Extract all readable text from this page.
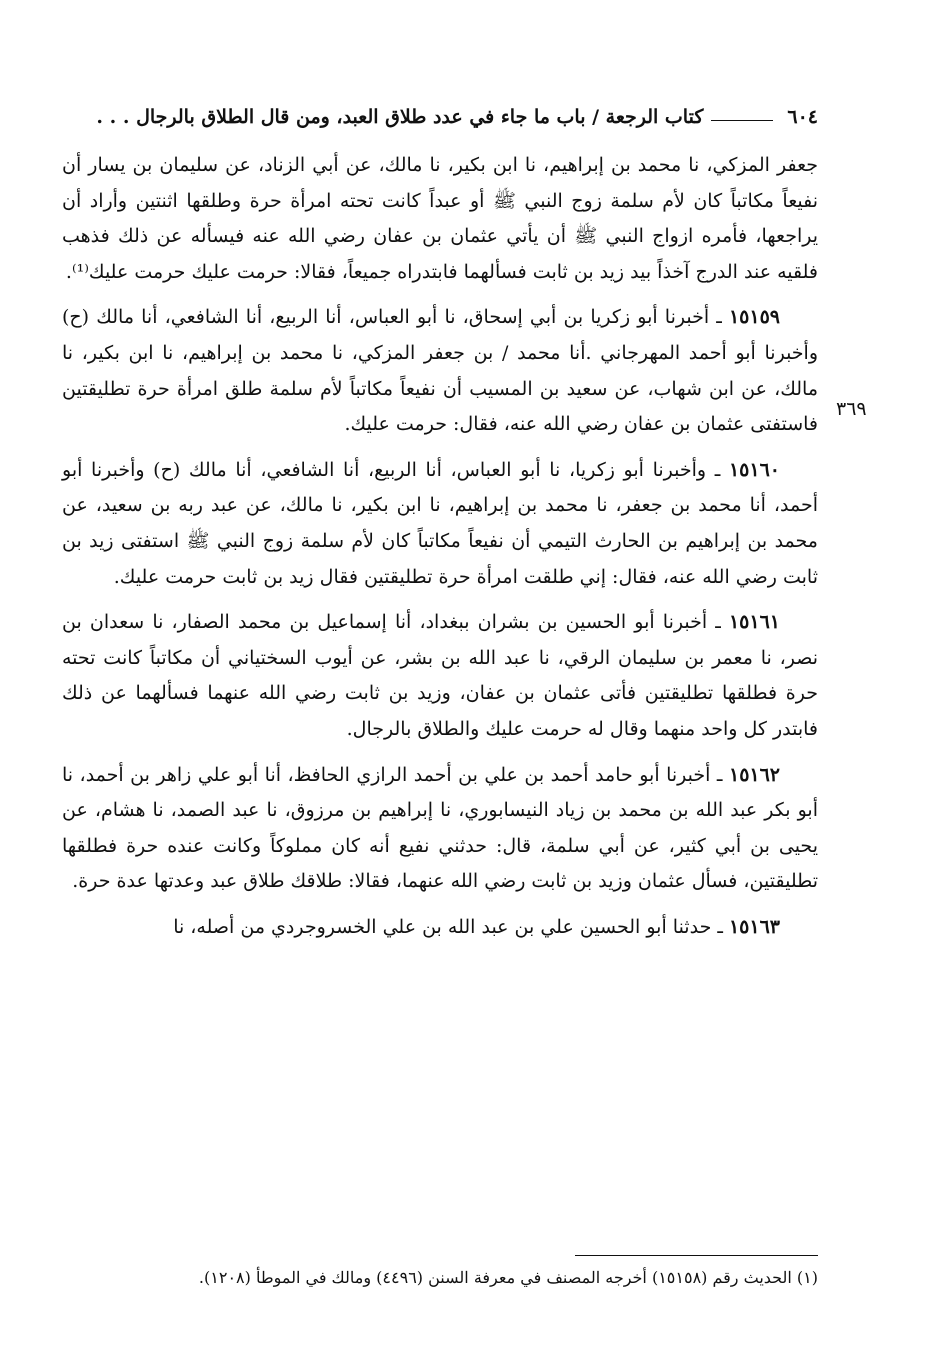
٦٠٤
كتاب الرجعة / باب ما جاء في عدد طلاق العبد، ومن قال الطلاق بالرجال . . .
٣٦٩

جعفر المزكي، نا محمد بن إبراهيم، نا ابن بكير، نا مالك، عن أبي الزناد، عن سليمان بن يسار أن نفيعاً مكاتباً كان لأم سلمة زوج النبي ﷺ أو عبداً كانت تحته امرأة حرة وطلقها اثنتين وأراد أن يراجعها، فأمره ازواج النبي ﷺ أن يأتي عثمان بن عفان رضي الله عنه فيسأله عن ذلك فذهب فلقيه عند الدرج آخذاً بيد زيد بن ثابت فسألهما فابتدراه جميعاً، فقالا: حرمت عليك حرمت عليك⁽¹⁾.

١٥١٥٩ ـ أخبرنا أبو زكريا بن أبي إسحاق، نا أبو العباس، أنا الربيع، أنا الشافعي، أنا مالك (ح) وأخبرنا أبو أحمد المهرجاني .أنا محمد / بن جعفر المزكي، نا محمد بن إبراهيم، نا ابن بكير، نا مالك، عن ابن شهاب، عن سعيد بن المسيب أن نفيعاً مكاتباً لأم سلمة طلق امرأة حرة تطليقتين فاستفتى عثمان بن عفان رضي الله عنه، فقال: حرمت عليك.

١٥١٦٠ ـ وأخبرنا أبو زكريا، نا أبو العباس، أنا الربيع، أنا الشافعي، أنا مالك (ح) وأخبرنا أبو أحمد، أنا محمد بن جعفر، نا محمد بن إبراهيم، نا ابن بكير، نا مالك، عن عبد ربه بن سعيد، عن محمد بن إبراهيم بن الحارث التيمي أن نفيعاً مكاتباً كان لأم سلمة زوج النبي ﷺ استفتى زيد بن ثابت رضي الله عنه، فقال: إني طلقت امرأة حرة تطليقتين فقال زيد بن ثابت حرمت عليك.

١٥١٦١ ـ أخبرنا أبو الحسين بن بشران ببغداد، أنا إسماعيل بن محمد الصفار، نا سعدان بن نصر، نا معمر بن سليمان الرقي، نا عبد الله بن بشر، عن أيوب السختياني أن مكاتباً كانت تحته حرة فطلقها تطليقتين فأتى عثمان بن عفان، وزيد بن ثابت رضي الله عنهما فسألهما عن ذلك فابتدر كل واحد منهما وقال له حرمت عليك والطلاق بالرجال.

١٥١٦٢ ـ أخبرنا أبو حامد أحمد بن علي بن أحمد الرازي الحافظ، أنا أبو علي زاهر بن أحمد، نا أبو بكر عبد الله بن محمد بن زياد النيسابوري، نا إبراهيم بن مرزوق، نا عبد الصمد، نا هشام، عن يحيى بن أبي كثير، عن أبي سلمة، قال: حدثني نفيع أنه كان مملوكاً وكانت عنده حرة فطلقها تطليقتين، فسأل عثمان وزيد بن ثابت رضي الله عنهما، فقالا: طلاقك طلاق عبد وعدتها عدة حرة.

١٥١٦٣ ـ حدثنا أبو الحسين علي بن عبد الله بن علي الخسروجردي من أصله، نا

(١) الحديث رقم (١٥١٥٨) أخرجه المصنف في معرفة السنن (٤٤٩٦) ومالك في الموطأ (١٢٠٨).
